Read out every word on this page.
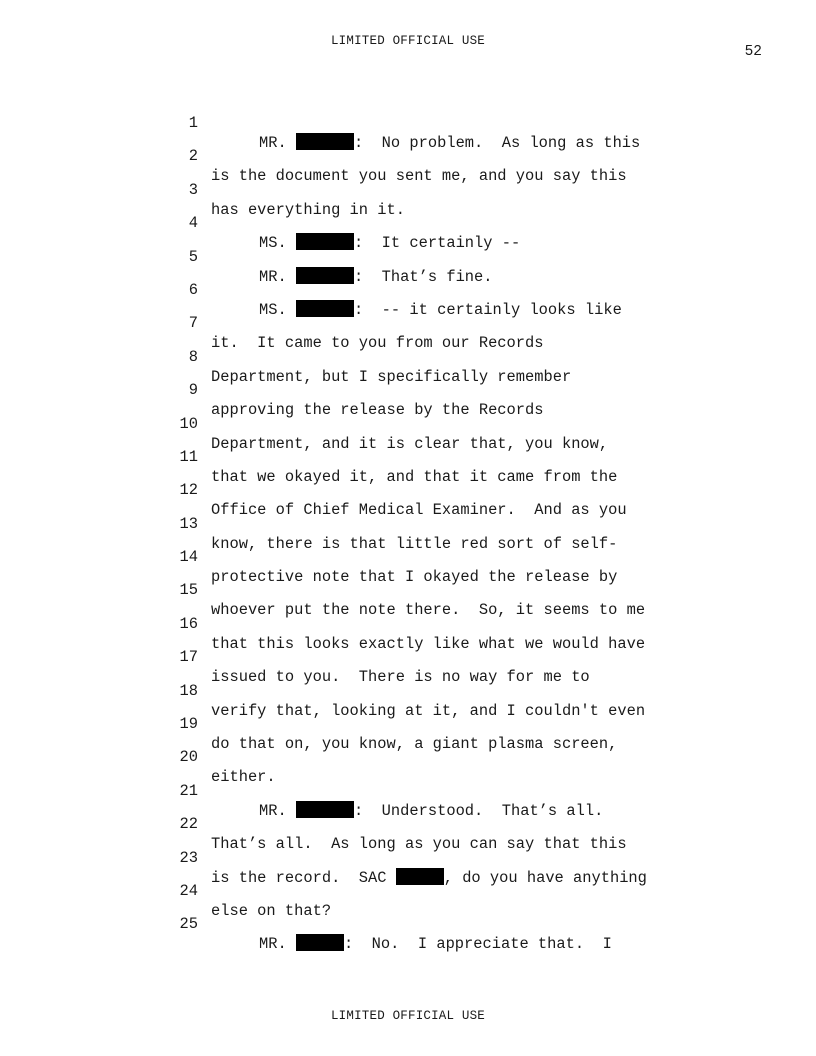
LIMITED OFFICIAL USE
52

1

MR.	:  No problem.  As long as this

2

is the document you sent me, and you say this

3

has everything in it.

4

MS.	:  It certainly --

5

MR.	:  That’s fine.

6

MS.	:  -- it certainly looks like

7

it.  It came to you from our Records

8

Department, but I specifically remember

9

approving the release by the Records

10

Department, and it is clear that, you know,

11

that we okayed it, and that it came from the

12

Office of Chief Medical Examiner.  And as you

13

know, there is that little red sort of self-

14

protective note that I okayed the release by

15

whoever put the note there.  So, it seems to me

16

that this looks exactly like what we would have

17

issued to you.  There is no way for me to

18

verify that, looking at it, and I couldn't even

19

do that on, you know, a giant plasma screen,

20

either.

21

MR.	:  Understood.  That’s all.

22

That’s all.  As long as you can say that this

23

is the record.  SAC	, do you have anything

24

else on that?

25

MR.	:  No.  I appreciate that.  I

LIMITED OFFICIAL USE
